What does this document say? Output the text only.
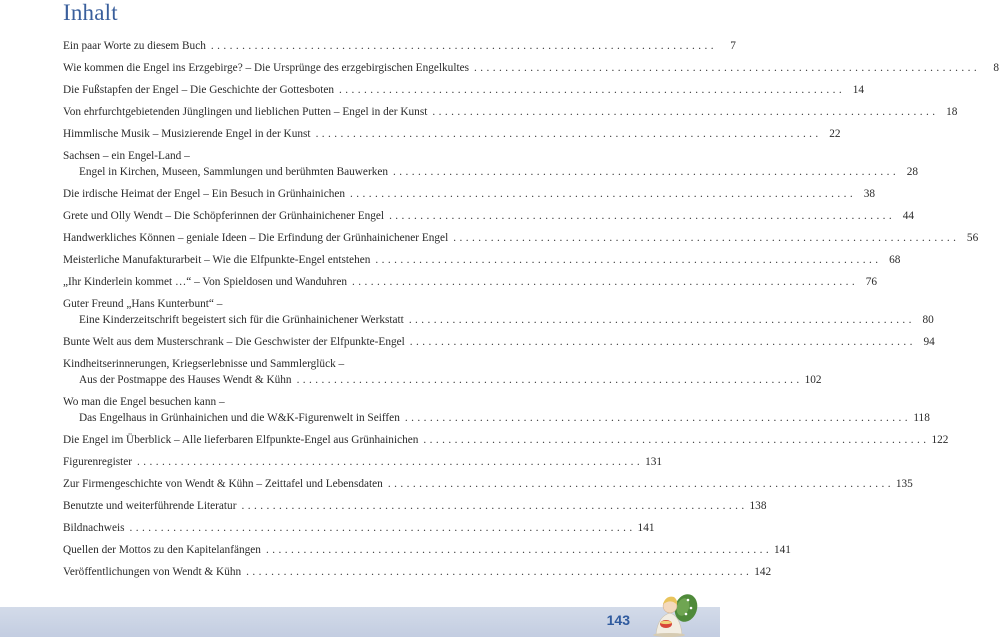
Inhalt
Ein paar Worte zu diesem Buch . . .	7
Wie kommen die Engel ins Erzgebirge? – Die Ursprünge des erzgebirgischen Engelkultes . . .	8
Die Fußstapfen der Engel – Die Geschichte der Gottesboten . . .	14
Von ehrfurchtgebietenden Jünglingen und lieblichen Putten – Engel in der Kunst . . .	18
Himmlische Musik – Musizierende Engel in der Kunst . . .	22
Sachsen – ein Engel-Land –
Engel in Kirchen, Museen, Sammlungen und berühmten Bauwerken . . .	28
Die irdische Heimat der Engel – Ein Besuch in Grünhainichen . . .	38
Grete und Olly Wendt – Die Schöpferinnen der Grünhainichener Engel . . .	44
Handwerkliches Können – geniale Ideen – Die Erfindung der Grünhainichener Engel . . .	56
Meisterliche Manufakturarbeit – Wie die Elfpunkte-Engel entstehen . . .	68
„Ihr Kinderlein kommet …“ – Von Spieldosen und Wanduhren . . .	76
Guter Freund „Hans Kunterbunt“ –
Eine Kinderzeitschrift begeistert sich für die Grünhainichener Werkstatt . . .	80
Bunte Welt aus dem Musterschrank – Die Geschwister der Elfpunkte-Engel . . .	94
Kindheitserinnerungen, Kriegserlebnisse und Sammlerglück –
Aus der Postmappe des Hauses Wendt & Kühn . . .	102
Wo man die Engel besuchen kann –
Das Engelhaus in Grünhainichen und die W&K-Figurenwelt in Seiffen . . .	118
Die Engel im Überblick – Alle lieferbaren Elfpunkte-Engel aus Grünhainichen . . .	122
Figurenregister . . .	131
Zur Firmengeschichte von Wendt & Kühn – Zeittafel und Lebensdaten . . .	135
Benutzte und weiterführende Literatur . . .	138
Bildnachweis . . .	141
Quellen der Mottos zu den Kapitelanfängen . . .	141
Veröffentlichungen von Wendt & Kühn . . .	142
143
